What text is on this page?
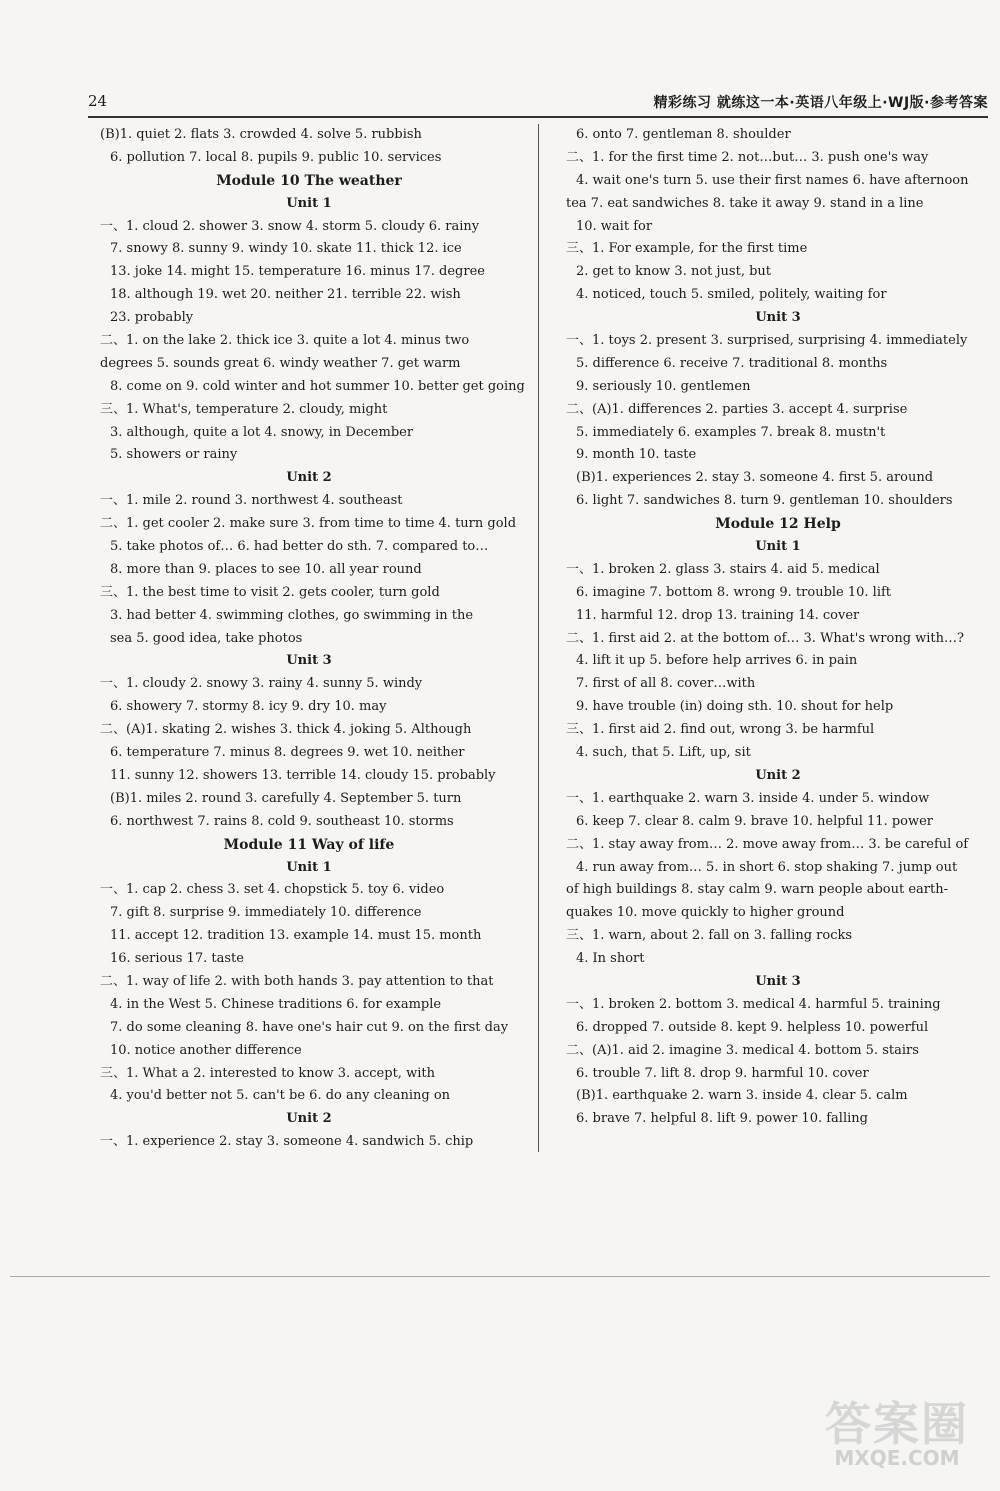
24	精彩练习 就练这一本·英语八年级上·WJ版·参考答案
(B)1. quiet 2. flats 3. crowded 4. solve 5. rubbish
6. pollution 7. local 8. pupils 9. public 10. services
Module 10 The weather
Unit 1
一、1. cloud 2. shower 3. snow 4. storm 5. cloudy 6. rainy
7. snowy 8. sunny 9. windy 10. skate 11. thick 12. ice
13. joke 14. might 15. temperature 16. minus 17. degree
18. although 19. wet 20. neither 21. terrible 22. wish
23. probably
二、1. on the lake 2. thick ice 3. quite a lot 4. minus two
degrees 5. sounds great 6. windy weather 7. get warm
8. come on 9. cold winter and hot summer 10. better get going
三、1. What's, temperature 2. cloudy, might
3. although, quite a lot 4. snowy, in December
5. showers or rainy
Unit 2
一、1. mile 2. round 3. northwest 4. southeast
二、1. get cooler 2. make sure 3. from time to time 4. turn gold
5. take photos of… 6. had better do sth. 7. compared to…
8. more than 9. places to see 10. all year round
三、1. the best time to visit 2. gets cooler, turn gold
3. had better 4. swimming clothes, go swimming in the
sea 5. good idea, take photos
Unit 3
一、1. cloudy 2. snowy 3. rainy 4. sunny 5. windy
6. showery 7. stormy 8. icy 9. dry 10. may
二、(A)1. skating 2. wishes 3. thick 4. joking 5. Although
6. temperature 7. minus 8. degrees 9. wet 10. neither
11. sunny 12. showers 13. terrible 14. cloudy 15. probably
(B)1. miles 2. round 3. carefully 4. September 5. turn
6. northwest 7. rains 8. cold 9. southeast 10. storms
Module 11 Way of life
Unit 1
一、1. cap 2. chess 3. set 4. chopstick 5. toy 6. video
7. gift 8. surprise 9. immediately 10. difference
11. accept 12. tradition 13. example 14. must 15. month
16. serious 17. taste
二、1. way of life 2. with both hands 3. pay attention to that
4. in the West 5. Chinese traditions 6. for example
7. do some cleaning 8. have one's hair cut 9. on the first day
10. notice another difference
三、1. What a 2. interested to know 3. accept, with
4. you'd better not 5. can't be 6. do any cleaning on
Unit 2
一、1. experience 2. stay 3. someone 4. sandwich 5. chip
6. onto 7. gentleman 8. shoulder
二、1. for the first time 2. not…but… 3. push one's way
4. wait one's turn 5. use their first names 6. have afternoon
tea 7. eat sandwiches 8. take it away 9. stand in a line
10. wait for
三、1. For example, for the first time
2. get to know 3. not just, but
4. noticed, touch 5. smiled, politely, waiting for
Unit 3
一、1. toys 2. present 3. surprised, surprising 4. immediately
5. difference 6. receive 7. traditional 8. months
9. seriously 10. gentlemen
二、(A)1. differences 2. parties 3. accept 4. surprise
5. immediately 6. examples 7. break 8. mustn't
9. month 10. taste
(B)1. experiences 2. stay 3. someone 4. first 5. around
6. light 7. sandwiches 8. turn 9. gentleman 10. shoulders
Module 12 Help
Unit 1
一、1. broken 2. glass 3. stairs 4. aid 5. medical
6. imagine 7. bottom 8. wrong 9. trouble 10. lift
11. harmful 12. drop 13. training 14. cover
二、1. first aid 2. at the bottom of… 3. What's wrong with…?
4. lift it up 5. before help arrives 6. in pain
7. first of all 8. cover…with
9. have trouble (in) doing sth. 10. shout for help
三、1. first aid 2. find out, wrong 3. be harmful
4. such, that 5. Lift, up, sit
Unit 2
一、1. earthquake 2. warn 3. inside 4. under 5. window
6. keep 7. clear 8. calm 9. brave 10. helpful 11. power
二、1. stay away from… 2. move away from… 3. be careful of
4. run away from… 5. in short 6. stop shaking 7. jump out
of high buildings 8. stay calm 9. warn people about earth-
quakes 10. move quickly to higher ground
三、1. warn, about 2. fall on 3. falling rocks
4. In short
Unit 3
一、1. broken 2. bottom 3. medical 4. harmful 5. training
6. dropped 7. outside 8. kept 9. helpless 10. powerful
二、(A)1. aid 2. imagine 3. medical 4. bottom 5. stairs
6. trouble 7. lift 8. drop 9. harmful 10. cover
(B)1. earthquake 2. warn 3. inside 4. clear 5. calm
6. brave 7. helpful 8. lift 9. power 10. falling
答案圈
MXQE.COM
